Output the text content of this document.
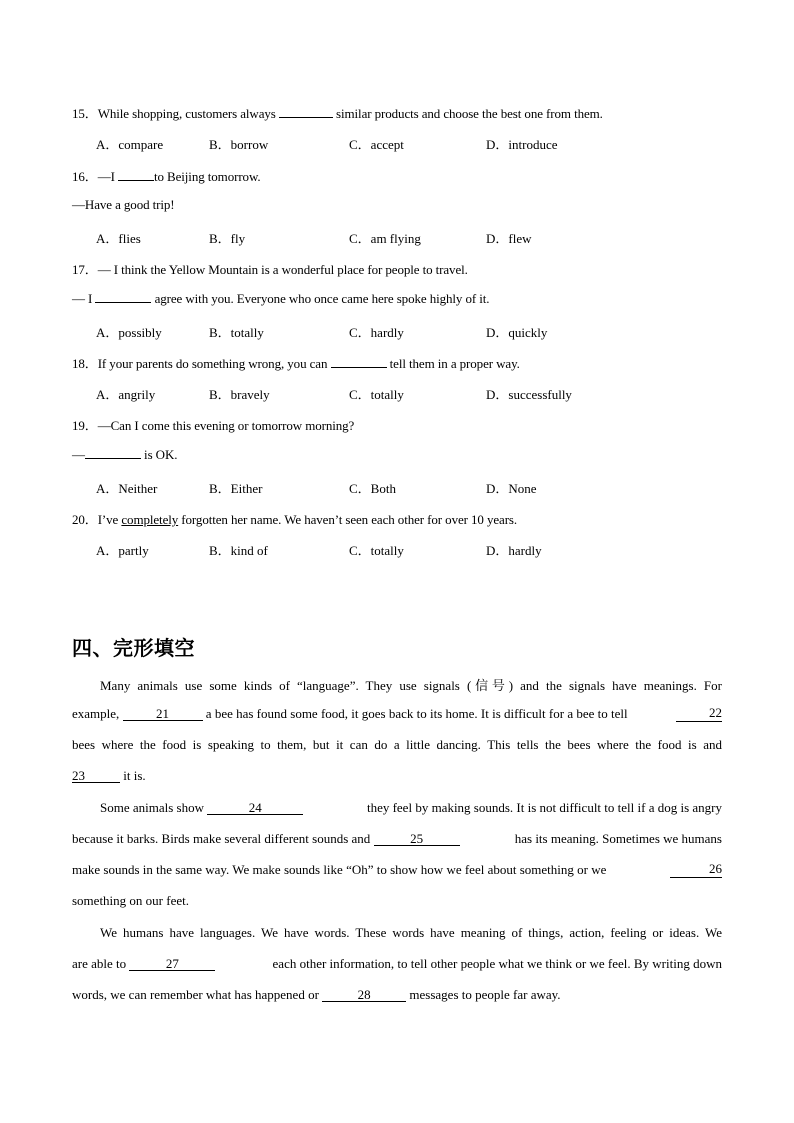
15．While shopping, customers always	similar products and choose the best one from them.
A．compare	B．borrow	C．accept	D．introduce
16．—I	to Beijing tomorrow.
—Have a good trip!
A．flies	B．fly	C．am flying	D．flew
17．— I think the Yellow Mountain is a wonderful place for people to travel.
— I	agree with you. Everyone who once came here spoke highly of it.
A．possibly	B．totally	C．hardly	D．quickly
18．If your parents do something wrong, you can	tell them in a proper way.
A．angrily	B．bravely	C．totally	D．successfully
19．—Can I come this evening or tomorrow morning?
—	is OK.
A．Neither	B．Either	C．Both	D．None
20．I’ve completely forgotten her name. We haven’t seen each other for over 10 years.
A．partly	B．kind of	C．totally	D．hardly
四、完形填空
Many animals use some kinds of “language”. They use signals (信号) and the signals have meanings. For
example,	21	a bee has found some food, it goes back to its home. It is difficult for a bee to tell	22
bees where the food is speaking to them, but it can do a little dancing. This tells the bees where the food is and
23	it is.
Some animals show	24	they feel by making sounds. It is not difficult to tell if a dog is angry
because it barks. Birds make several different sounds and	25	has its meaning. Sometimes we humans
make sounds in the same way. We make sounds like “Oh” to show how we feel about something or we	26
something on our feet.
We humans have languages. We have words. These words have meaning of things, action, feeling or ideas. We
are able to	27	each other information, to tell other people what we think or we feel. By writing down
words, we can remember what has happened or	28	messages to people far away.
